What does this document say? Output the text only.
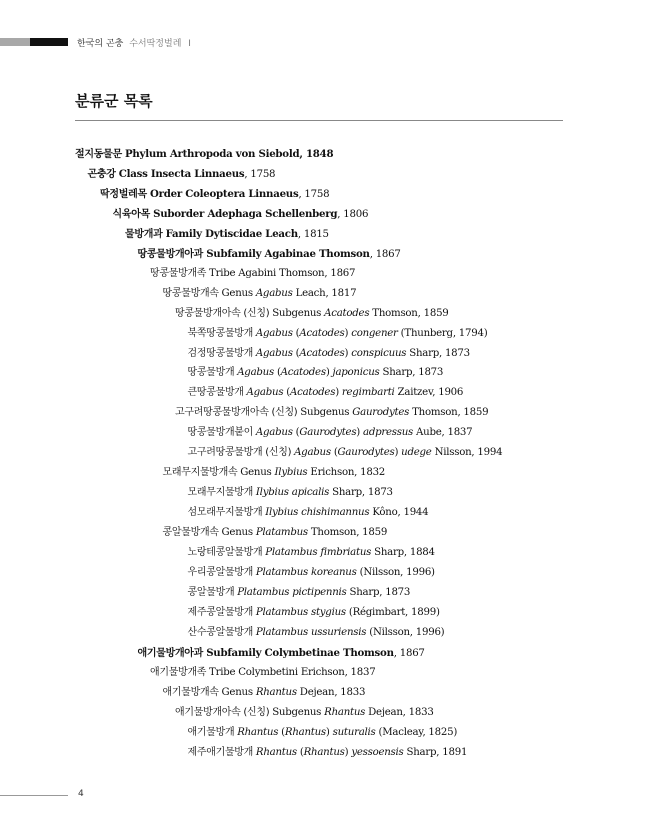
한국의 곤충 수서딱정벌레 I
분류군 목록
절지동물문 Phylum Arthropoda von Siebold, 1848
곤충강 Class Insecta Linnaeus, 1758
딱정벌레목 Order Coleoptera Linnaeus, 1758
식육아목 Suborder Adephaga Schellenberg, 1806
물방개과 Family Dytiscidae Leach, 1815
땅콩물방개아과 Subfamily Agabinae Thomson, 1867
땅콩물방개족 Tribe Agabini Thomson, 1867
땅콩물방개속 Genus Agabus Leach, 1817
땅콩물방개아속 (신칭) Subgenus Acatodes Thomson, 1859
북쪽땅콩물방개 Agabus (Acatodes) congener (Thunberg, 1794)
검정땅콩물방개 Agabus (Acatodes) conspicuus Sharp, 1873
땅콩물방개 Agabus (Acatodes) japonicus Sharp, 1873
큰땅콩물방개 Agabus (Acatodes) regimbarti Zaitzev, 1906
고구려땅콩물방개아속 (신칭) Subgenus Gaurodytes Thomson, 1859
땅콩물방개붙이 Agabus (Gaurodytes) adpressus Aube, 1837
고구려땅콩물방개 (신칭) Agabus (Gaurodytes) udege Nilsson, 1994
모래무지물방개속 Genus Ilybius Erichson, 1832
모래무지물방개 Ilybius apicalis Sharp, 1873
섬모래무지물방개 Ilybius chishimannus Kôno, 1944
콩알물방개속 Genus Platambus Thomson, 1859
노랑테콩알물방개 Platambus fimbriatus Sharp, 1884
우리콩알물방개 Platambus koreanus (Nilsson, 1996)
콩알물방개 Platambus pictipennis Sharp, 1873
제주콩알물방개 Platambus stygius (Régimbart, 1899)
산수콩알물방개 Platambus ussuriensis (Nilsson, 1996)
애기물방개아과 Subfamily Colymbetinae Thomson, 1867
애기물방개족 Tribe Colymbetini Erichson, 1837
애기물방개속 Genus Rhantus Dejean, 1833
애기물방개아속 (신칭) Subgenus Rhantus Dejean, 1833
애기물방개 Rhantus (Rhantus) suturalis (Macleay, 1825)
제주애기물방개 Rhantus (Rhantus) yessoensis Sharp, 1891
4
